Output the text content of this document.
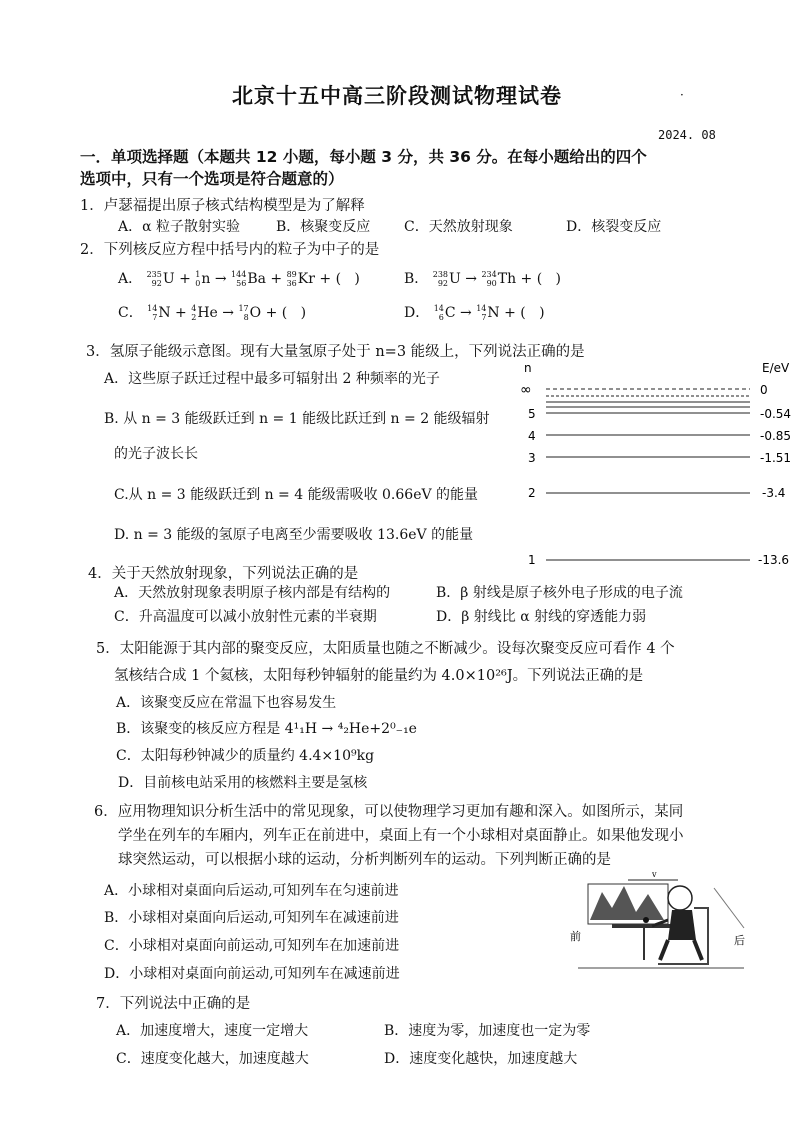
北京十五中高三阶段测试物理试卷	·
2024. 08
一．单项选择题（本题共 12 小题，每小题 3 分，共 36 分。在每小题给出的四个
选项中，只有一个选项是符合题意的）
1．卢瑟福提出原子核式结构模型是为了解释
A．α 粒子散射实验	B．核聚变反应 C．天然放射现象	D．核裂变反应
2．下列核反应方程中括号内的粒子为中子的是
A． 235
92 U + 1
0 n → 144
56 Ba + 89
36 Kr + (   )	B． 238
92 U → 234
90 Th + (   )
C． 14
7 N + 4
2 He → 17
8 O + (   )	D． 14
6 C → 14
7 N + (   )
3．氢原子能级示意图。现有大量氢原子处于 n=3 能级上，下列说法正确的是
A．这些原子跃迁过程中最多可辐射出 2 种频率的光子
B. 从 n = 3 能级跃迁到 n = 1 能级比跃迁到 n = 2 能级辐射
的光子波长长
C.从 n = 3 能级跃迁到 n = 4 能级需吸收 0.66eV 的能量
D. n = 3 能级的氢原子电离至少需要吸收 13.6eV 的能量
n	E/eV
∞	0
5	-0.54
4	-0.85
3	-1.51
2	-3.4
1	-13.6
4．关于天然放射现象，下列说法正确的是
A．天然放射现象表明原子核内部是有结构的	B．β 射线是原子核外电子形成的电子流
C．升高温度可以减小放射性元素的半衰期	D．β 射线比 α 射线的穿透能力弱
5．太阳能源于其内部的聚变反应，太阳质量也随之不断减少。设每次聚变反应可看作 4 个
氢核结合成 1 个氦核，太阳每秒钟辐射的能量约为 4.0×10²⁶J。下列说法正确的是
A．该聚变反应在常温下也容易发生
B．该聚变的核反应方程是 4¹₁H → ⁴₂He+2⁰₋₁e
C．太阳每秒钟减少的质量约 4.4×10⁹kg
D．目前核电站采用的核燃料主要是氢核
6．应用物理知识分析生活中的常见现象，可以使物理学习更加有趣和深入。如图所示，某同
学坐在列车的车厢内，列车正在前进中，桌面上有一个小球相对桌面静止。如果他发现小
球突然运动，可以根据小球的运动，分析判断列车的运动。下列判断正确的是
A．小球相对桌面向后运动,可知列车在匀速前进
B．小球相对桌面向后运动,可知列车在减速前进
C．小球相对桌面向前运动,可知列车在加速前进
D．小球相对桌面向前运动,可知列车在减速前进
v
前	后
7．下列说法中正确的是
A．加速度增大，速度一定增大	B．速度为零，加速度也一定为零
C．速度变化越大，加速度越大	D．速度变化越快，加速度越大
